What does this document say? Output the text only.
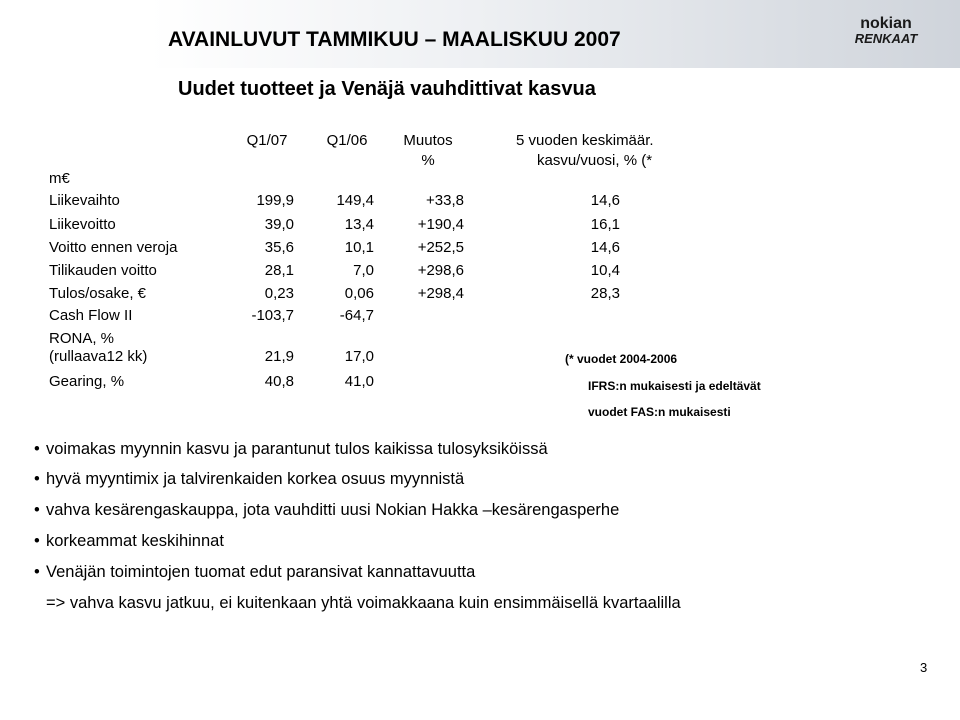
AVAINLUVUT TAMMIKUU – MAALISKUU 2007
nokian
RENKAAT
Uudet tuotteet ja Venäjä vauhdittivat kasvua
Q1/07	Q1/06	Muutos
%
5 vuoden keskimäär.
kasvu/vuosi, % (*
m€
Liikevaihto	199,9	149,4	+33,8	14,6
Liikevoitto	39,0	13,4	+190,4	16,1
Voitto ennen veroja	35,6	10,1	+252,5	14,6
Tilikauden voitto	28,1	7,0	+298,6	10,4
Tulos/osake, €	0,23	0,06	+298,4	28,3
Cash Flow II	-103,7	-64,7
RONA, %
(rullaava12 kk)	21,9	17,0
Gearing, %	40,8	41,0
(* vuodet 2004-2006
IFRS:n mukaisesti ja edeltävät
vuodet FAS:n mukaisesti
• voimakas myynnin kasvu ja parantunut tulos kaikissa tulosyksiköissä
• hyvä myyntimix ja talvirenkaiden korkea osuus myynnistä
• vahva kesärengaskauppa, jota vauhditti uusi Nokian Hakka –kesärengasperhe
• korkeammat keskihinnat
• Venäjän toimintojen tuomat edut paransivat kannattavuutta
=> vahva kasvu jatkuu, ei kuitenkaan yhtä voimakkaana kuin ensimmäisellä kvartaalilla
3
